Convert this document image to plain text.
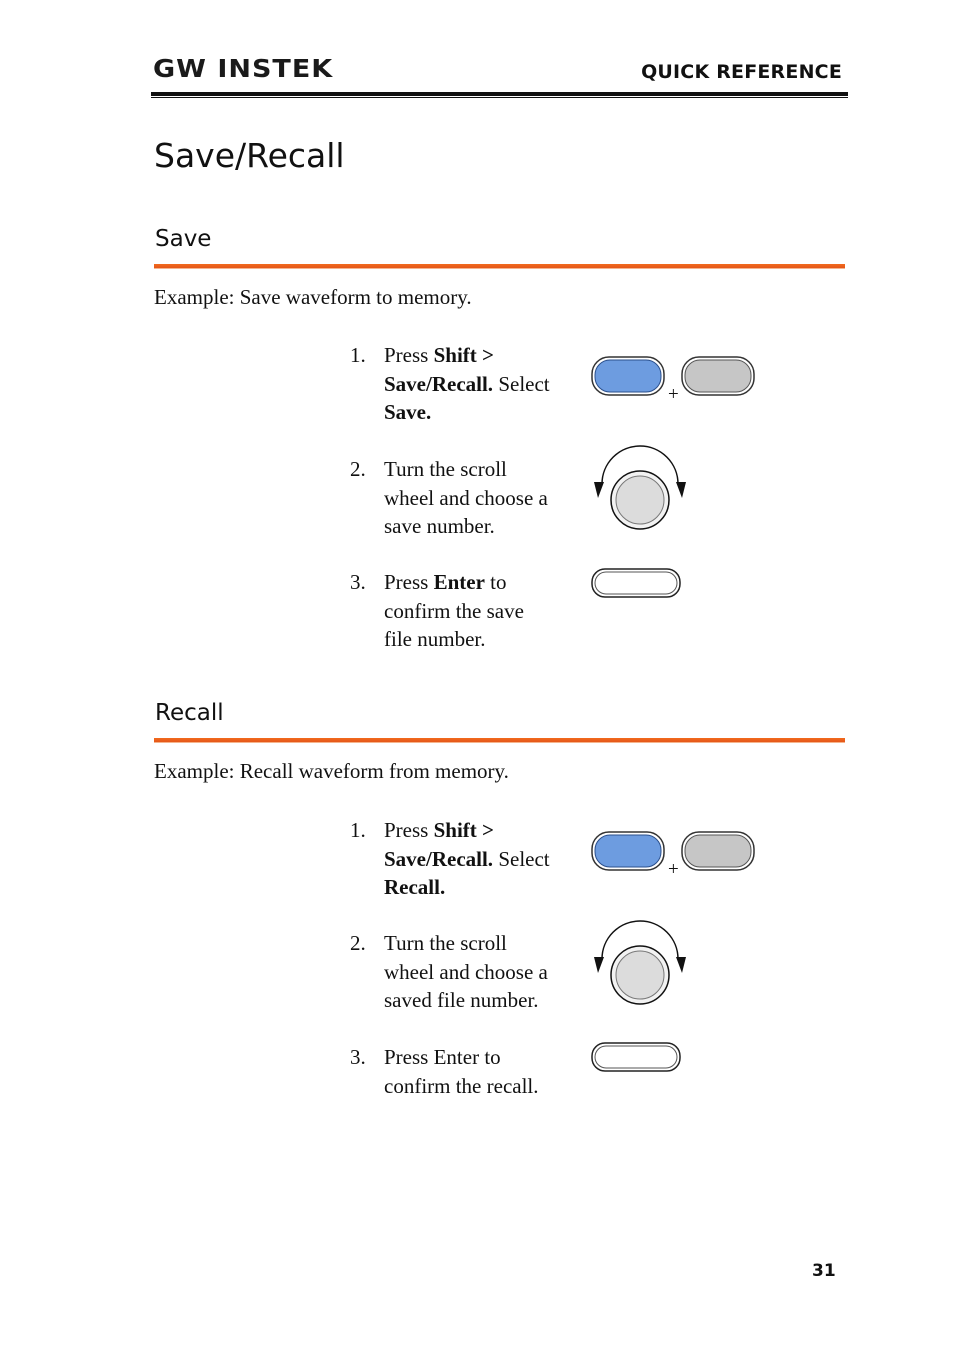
GW INSTEK	QUICK REFERENCE
Save/Recall
Save
Example: Save waveform to memory.
1. Press Shift >
Save/Recall. Select
Save.
+
2. Turn the scroll
wheel and choose a
save number.
3. Press Enter to
confirm the save
file number.
Recall
Example: Recall waveform from memory.
1. Press Shift >
Save/Recall. Select
Recall.
+
2. Turn the scroll
wheel and choose a
saved file number.
3. Press Enter to
confirm the recall.
31
